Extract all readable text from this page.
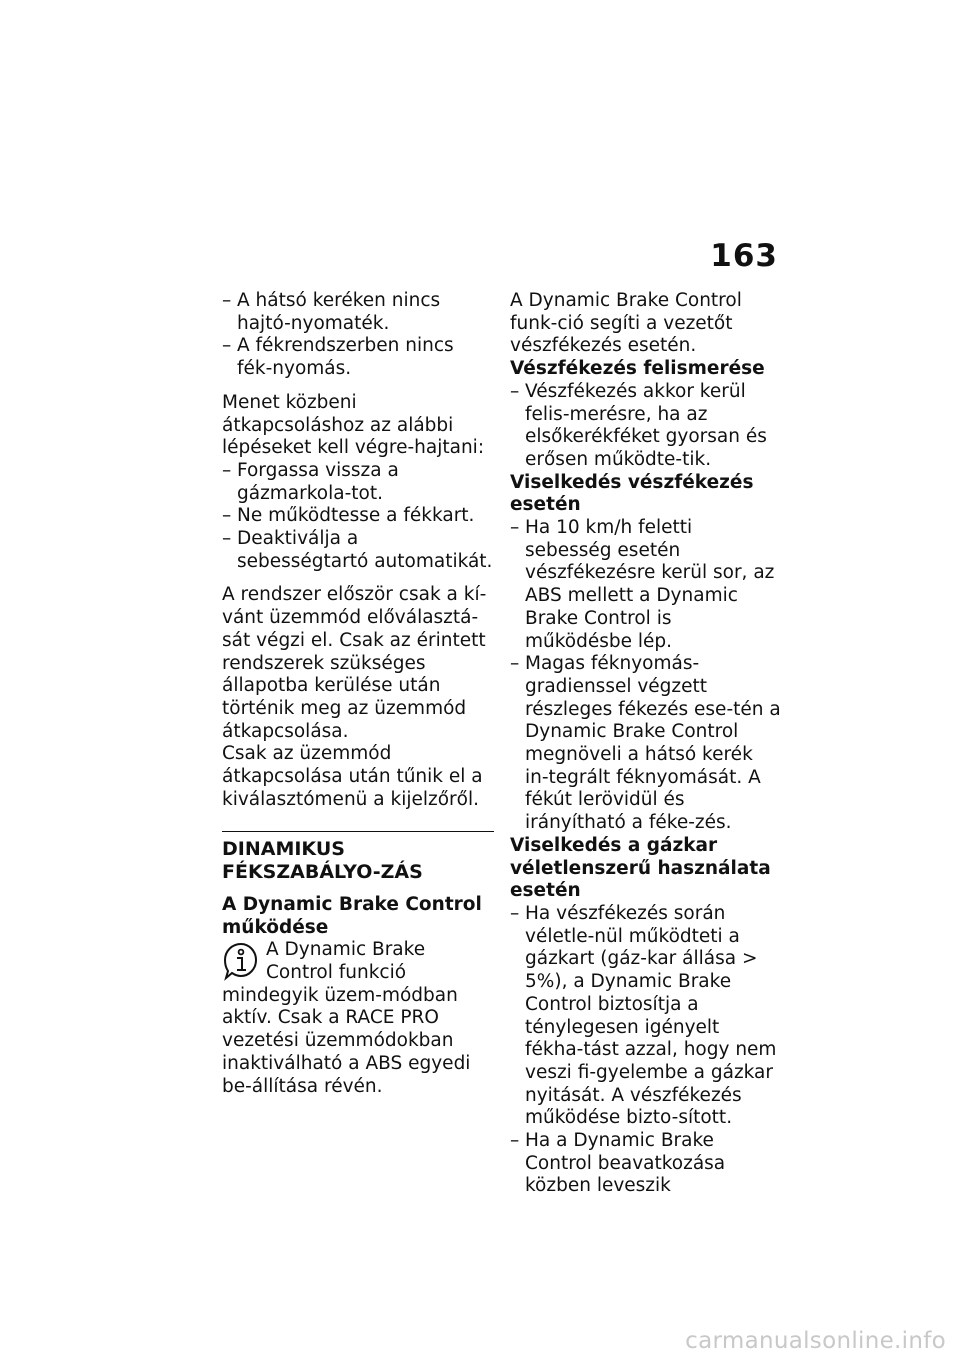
163

– A hátsó keréken nincs hajtó-nyomaték.

– A fékrendszerben nincs fék-nyomás.

Menet közbeni átkapcsoláshoz az alábbi lépéseket kell végre-hajtani:

– Forgassa vissza a gázmarkola-tot.

– Ne működtesse a fékkart.

– Deaktiválja a sebességtartó automatikát.

A rendszer először csak a kí-vánt üzemmód előválasztá-sát végzi el. Csak az érintett rendszerek szükséges állapotba kerülése után történik meg az üzemmód átkapcsolása.

Csak az üzemmód átkapcsolása után tűnik el a kiválasztómenü a kijelzőről.

DINAMIKUS FÉKSZABÁLYO-ZÁS

A Dynamic Brake Control működése

A Dynamic Brake Control funkció mindegyik üzem-módban aktív. Csak a RACE PRO vezetési üzemmódokban inaktiválható a ABS egyedi be-állítása révén.

A Dynamic Brake Control funk-ció segíti a vezetőt vészfékezés esetén.

Vészfékezés felismerése

– Vészfékezés akkor kerül felis-merésre, ha az elsőkerékféket gyorsan és erősen működte-tik.

Viselkedés vészfékezés esetén

– Ha 10 km/h feletti sebesség esetén vészfékezésre kerül sor, az ABS mellett a Dynamic Brake Control is működésbe lép.

– Magas féknyomás-gradienssel végzett részleges fékezés ese-tén a Dynamic Brake Control megnöveli a hátsó kerék in-tegrált féknyomását. A fékút lerövidül és irányítható a féke-zés.

Viselkedés a gázkar véletlenszerű használata esetén

– Ha vészfékezés során véletle-nül működteti a gázkart (gáz-kar állása > 5%), a Dynamic Brake Control biztosítja a ténylegesen igényelt fékha-tást azzal, hogy nem veszi fi-gyelembe a gázkar nyitását. A vészfékezés működése bizto-sított.

– Ha a Dynamic Brake Control beavatkozása közben leveszik

carmanualsonline.info
